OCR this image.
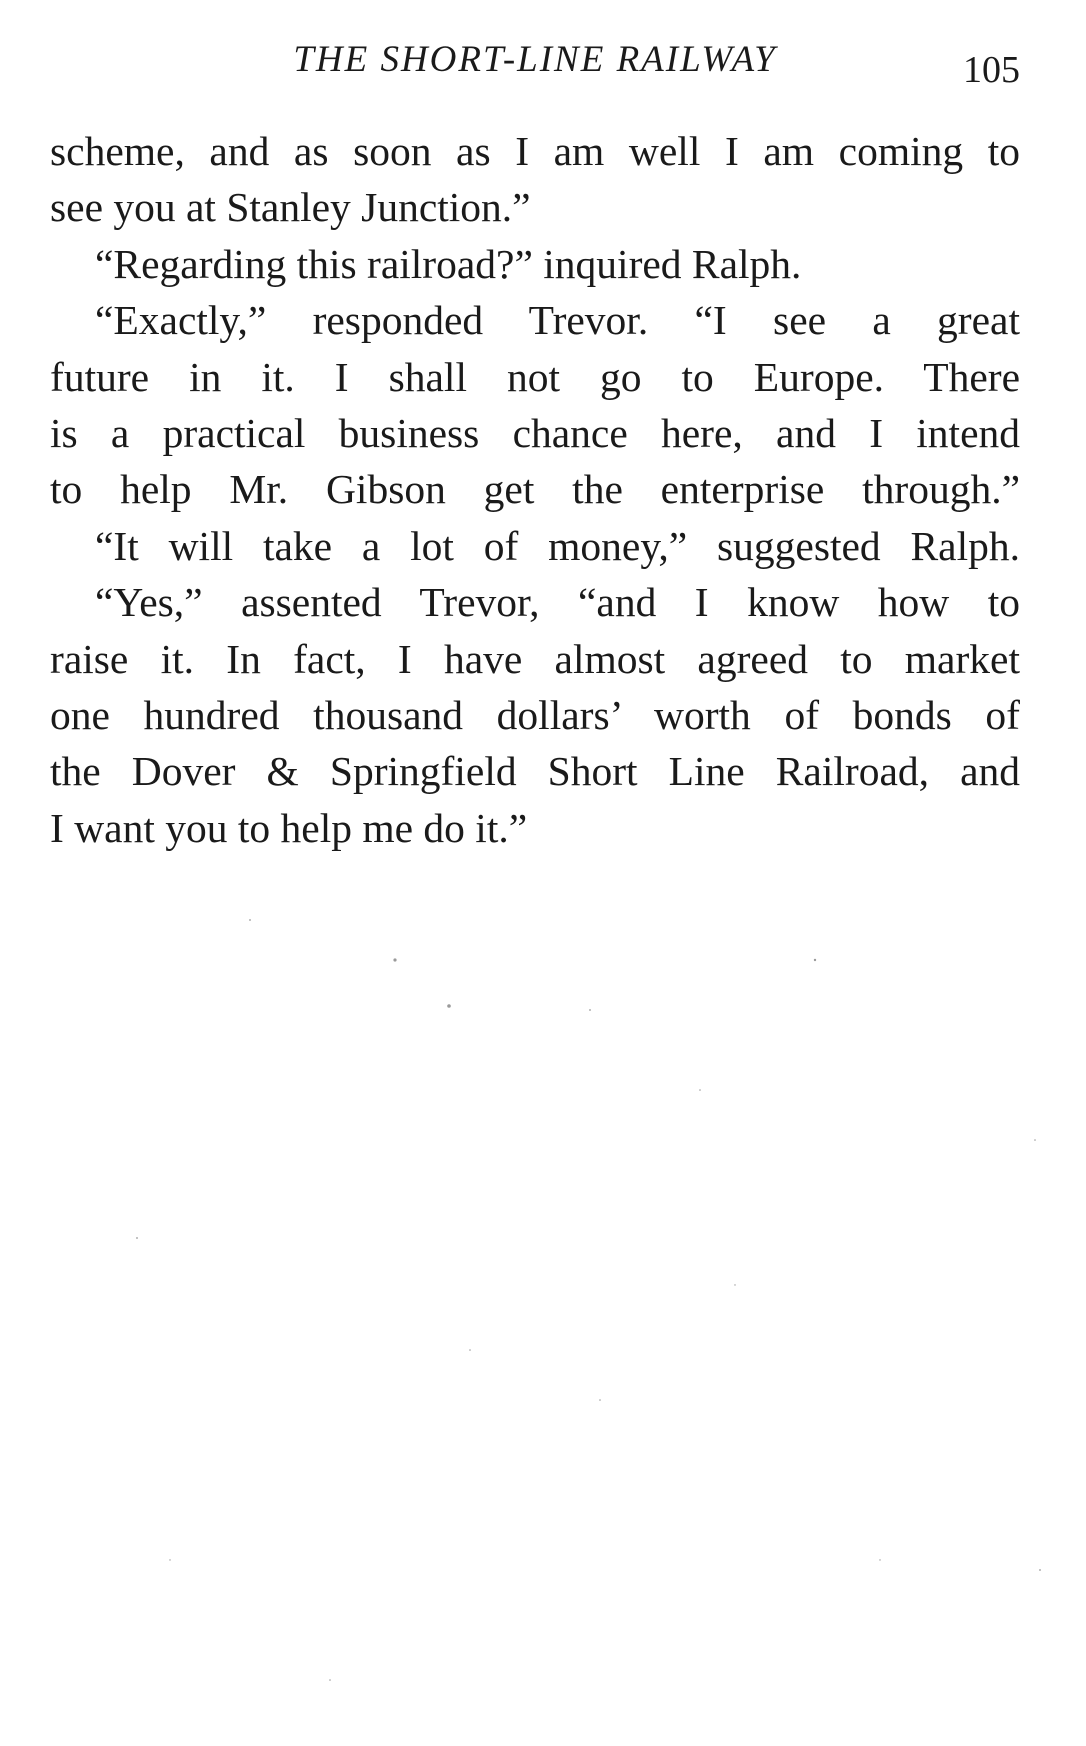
THE SHORT-LINE RAILWAY	105
scheme, and as soon as I am well I am coming to
see you at Stanley Junction.”
“Regarding this railroad?” inquired Ralph.
“Exactly,” responded Trevor. “I see a great
future in it. I shall not go to Europe. There
is a practical business chance here, and I intend
to help Mr. Gibson get the enterprise through.”
“It will take a lot of money,” suggested Ralph.
“Yes,” assented Trevor, “and I know how to
raise it. In fact, I have almost agreed to market
one hundred thousand dollars’ worth of bonds of
the Dover & Springfield Short Line Railroad, and
I want you to help me do it.”
